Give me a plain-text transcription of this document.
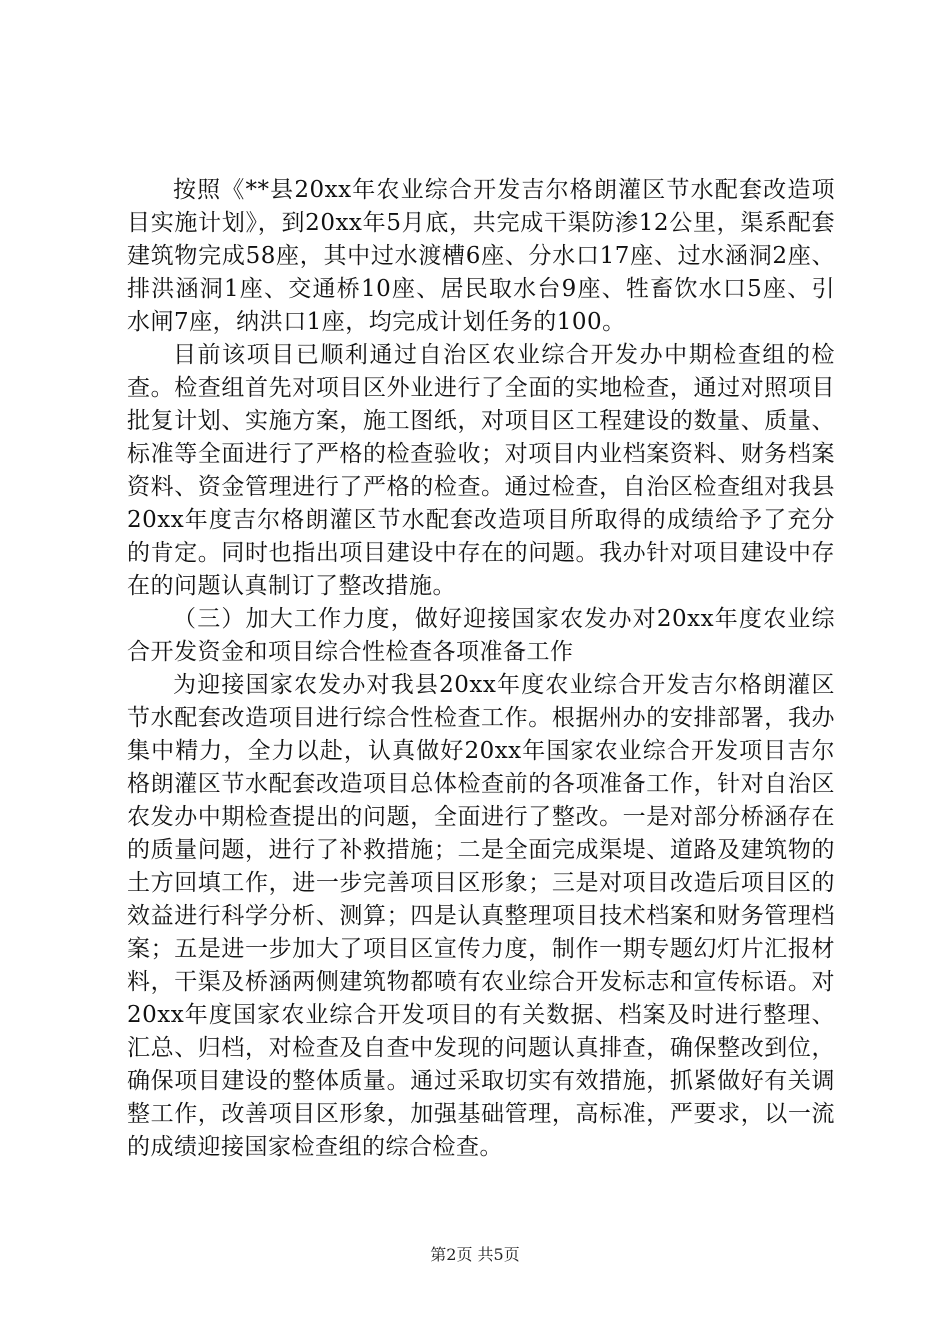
按照《**县20xx年农业综合开发吉尔格朗灌区节水配套改造项目实施计划》，到20xx年5月底，共完成干渠防渗12公里，渠系配套建筑物完成58座，其中过水渡槽6座、分水口17座、过水涵洞2座、排洪涵洞1座、交通桥10座、居民取水台9座、牲畜饮水口5座、引水闸7座，纳洪口1座，均完成计划任务的100。

目前该项目已顺利通过自治区农业综合开发办中期检查组的检查。检查组首先对项目区外业进行了全面的实地检查，通过对照项目批复计划、实施方案，施工图纸，对项目区工程建设的数量、质量、标准等全面进行了严格的检查验收；对项目内业档案资料、财务档案资料、资金管理进行了严格的检查。通过检查，自治区检查组对我县20xx年度吉尔格朗灌区节水配套改造项目所取得的成绩给予了充分的肯定。同时也指出项目建设中存在的问题。我办针对项目建设中存在的问题认真制订了整改措施。

（三）加大工作力度，做好迎接国家农发办对20xx年度农业综合开发资金和项目综合性检查各项准备工作

为迎接国家农发办对我县20xx年度农业综合开发吉尔格朗灌区节水配套改造项目进行综合性检查工作。根据州办的安排部署，我办集中精力，全力以赴，认真做好20xx年国家农业综合开发项目吉尔格朗灌区节水配套改造项目总体检查前的各项准备工作，针对自治区农发办中期检查提出的问题，全面进行了整改。一是对部分桥涵存在的质量问题，进行了补救措施；二是全面完成渠堤、道路及建筑物的土方回填工作，进一步完善项目区形象；三是对项目改造后项目区的效益进行科学分析、测算；四是认真整理项目技术档案和财务管理档案；五是进一步加大了项目区宣传力度，制作一期专题幻灯片汇报材料，干渠及桥涵两侧建筑物都喷有农业综合开发标志和宣传标语。对20xx年度国家农业综合开发项目的有关数据、档案及时进行整理、汇总、归档，对检查及自查中发现的问题认真排查，确保整改到位，确保项目建设的整体质量。通过采取切实有效措施，抓紧做好有关调整工作，改善项目区形象，加强基础管理，高标准，严要求，以一流的成绩迎接国家检查组的综合检查。

第2页 共5页
